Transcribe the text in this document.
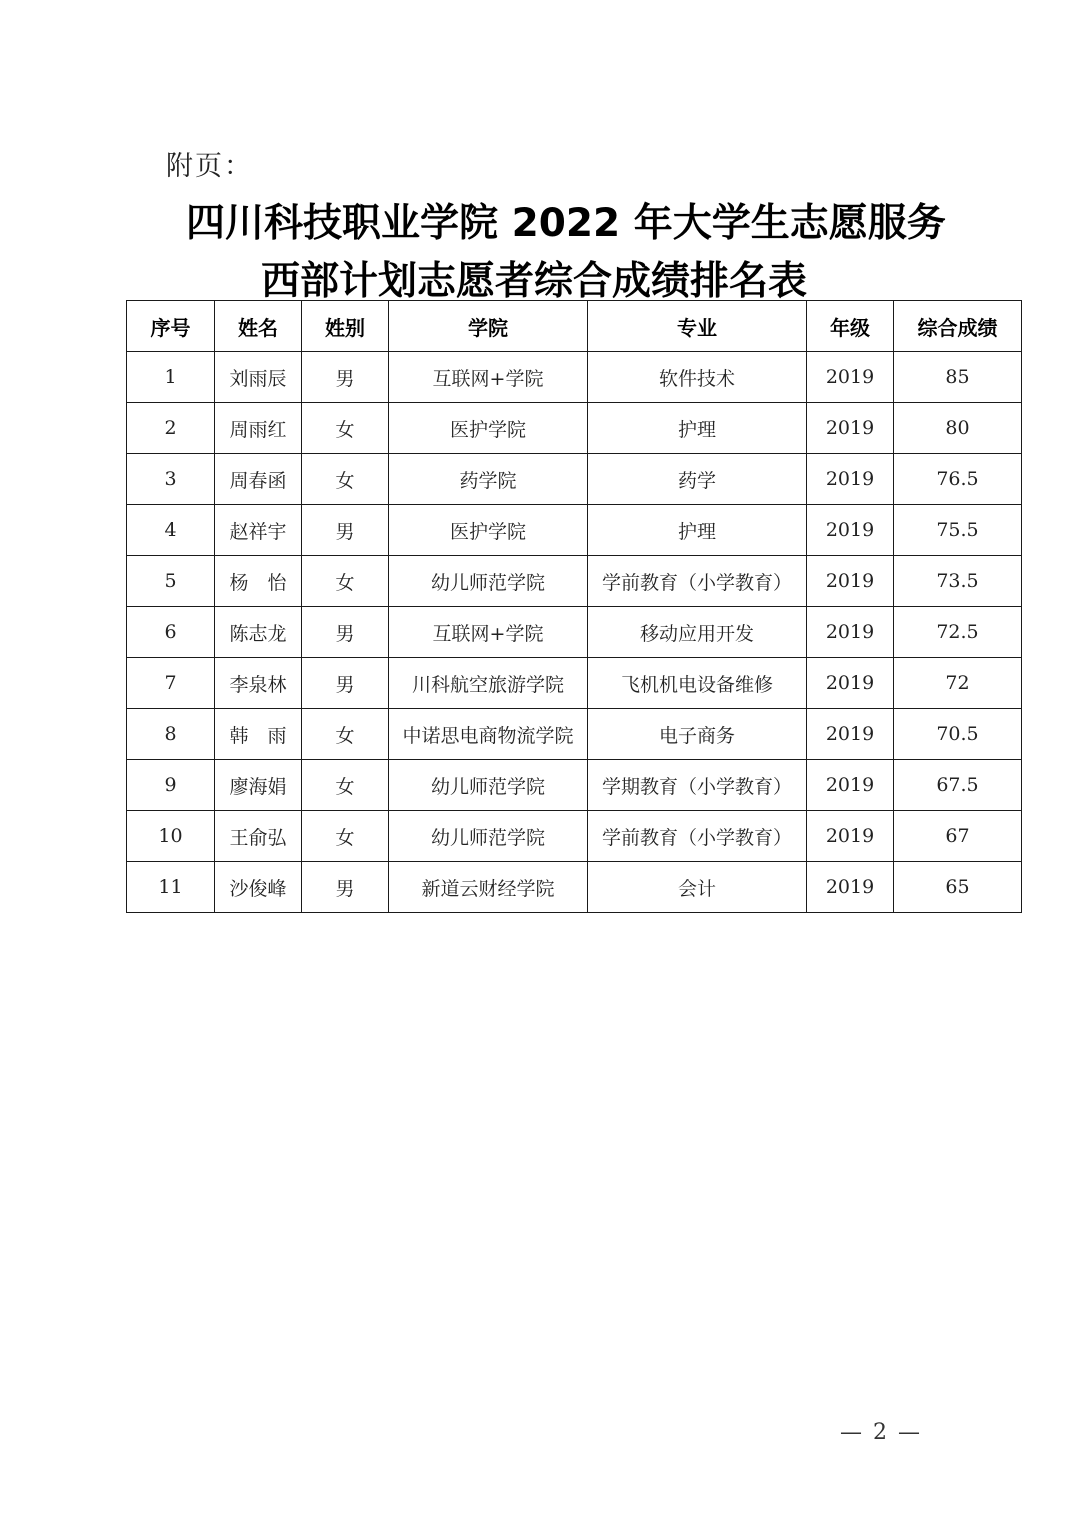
附页：
四川科技职业学院 2022 年大学生志愿服务
西部计划志愿者综合成绩排名表
序号	姓名	姓别	学院	专业	年级	综合成绩
1	刘雨辰	男	互联网+学院	软件技术	2019	85
2	周雨红	女	医护学院	护理	2019	80
3	周春函	女	药学院	药学	2019	76.5
4	赵祥宇	男	医护学院	护理	2019	75.5
5	杨　怡	女	幼儿师范学院	学前教育（小学教育）	2019	73.5
6	陈志龙	男	互联网+学院	移动应用开发	2019	72.5
7	李泉林	男	川科航空旅游学院	飞机机电设备维修	2019	72
8	韩　雨	女	中诺思电商物流学院	电子商务	2019	70.5
9	廖海娟	女	幼儿师范学院	学期教育（小学教育）	2019	67.5
10	王俞弘	女	幼儿师范学院	学前教育（小学教育）	2019	67
11	沙俊峰	男	新道云财经学院	会计	2019	65
— 2 —
